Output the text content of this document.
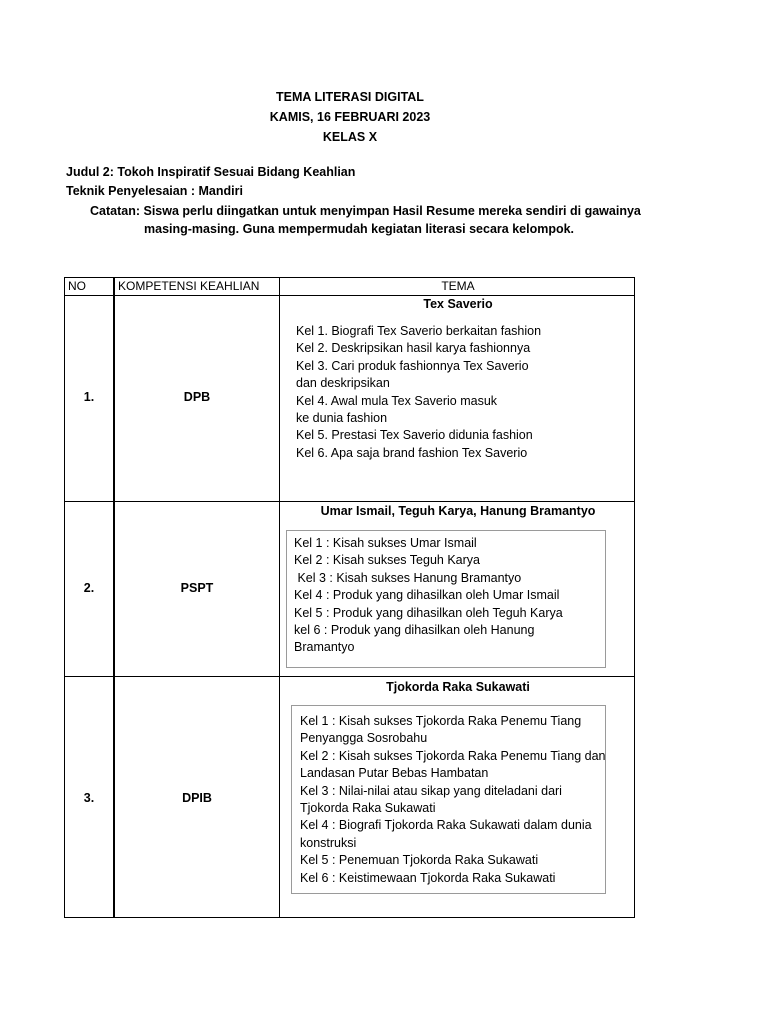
TEMA LITERASI DIGITAL
KAMIS, 16 FEBRUARI 2023
KELAS X
Judul 2: Tokoh Inspiratif Sesuai Bidang Keahlian
Teknik Penyelesaian : Mandiri
Catatan: Siswa perlu diingatkan untuk menyimpan Hasil Resume mereka sendiri di gawainya
masing-masing. Guna mempermudah kegiatan literasi secara kelompok.
NO	KOMPETENSI KEAHLIAN	TEMA
1.	DPB
Tex Saverio
Kel 1. Biografi Tex Saverio berkaitan fashion
Kel 2. Deskripsikan hasil karya fashionnya
Kel 3. Cari produk fashionnya Tex Saverio
dan deskripsikan
Kel 4. Awal mula Tex Saverio masuk
ke dunia fashion
Kel 5. Prestasi Tex Saverio didunia fashion
Kel 6. Apa saja brand fashion Tex Saverio
2.	PSPT
Umar Ismail, Teguh Karya, Hanung Bramantyo
Kel 1 : Kisah sukses Umar Ismail
Kel 2 : Kisah sukses Teguh Karya
Kel 3 : Kisah sukses Hanung Bramantyo
Kel 4 : Produk yang dihasilkan oleh Umar Ismail
Kel 5 : Produk yang dihasilkan oleh Teguh Karya
kel 6 : Produk yang dihasilkan oleh Hanung
Bramantyo
3.	DPIB
Tjokorda Raka Sukawati
Kel 1 : Kisah sukses Tjokorda Raka Penemu Tiang
Penyangga Sosrobahu
Kel 2 : Kisah sukses Tjokorda Raka Penemu Tiang dan
Landasan Putar Bebas Hambatan
Kel 3 : Nilai-nilai atau sikap yang diteladani dari
Tjokorda Raka Sukawati
Kel 4 : Biografi Tjokorda Raka Sukawati dalam dunia
konstruksi
Kel 5 : Penemuan Tjokorda Raka Sukawati
Kel 6 : Keistimewaan Tjokorda Raka Sukawati
